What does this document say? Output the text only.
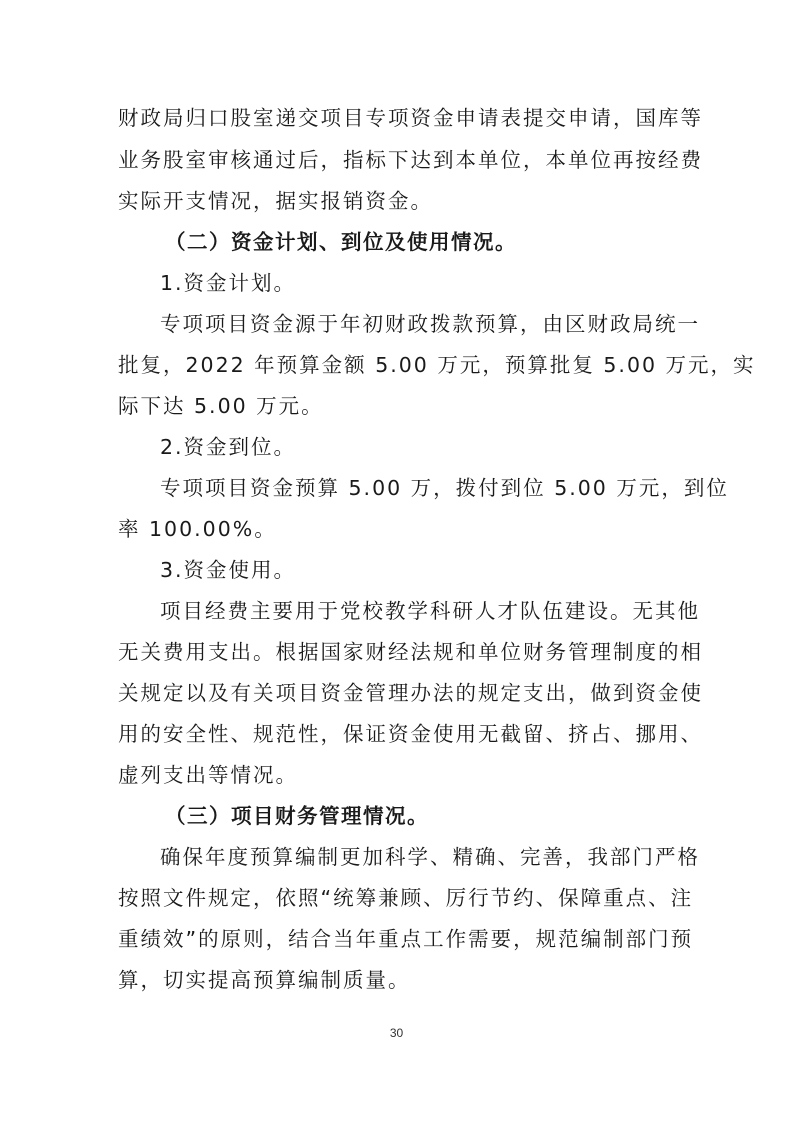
财政局归口股室递交项目专项资金申请表提交申请，国库等
业务股室审核通过后，指标下达到本单位，本单位再按经费
实际开支情况，据实报销资金。
（二）资金计划、到位及使用情况。
1.资金计划。
专项项目资金源于年初财政拨款预算，由区财政局统一
批复，2022 年预算金额 5.00 万元，预算批复 5.00 万元，实
际下达 5.00 万元。
2.资金到位。
专项项目资金预算 5.00 万，拨付到位 5.00 万元，到位
率 100.00%。
3.资金使用。
项目经费主要用于党校教学科研人才队伍建设。无其他
无关费用支出。根据国家财经法规和单位财务管理制度的相
关规定以及有关项目资金管理办法的规定支出，做到资金使
用的安全性、规范性，保证资金使用无截留、挤占、挪用、
虚列支出等情况。
（三）项目财务管理情况。
确保年度预算编制更加科学、精确、完善，我部门严格
按照文件规定，依照“统筹兼顾、厉行节约、保障重点、注
重绩效”的原则，结合当年重点工作需要，规范编制部门预
算，切实提高预算编制质量。
30
